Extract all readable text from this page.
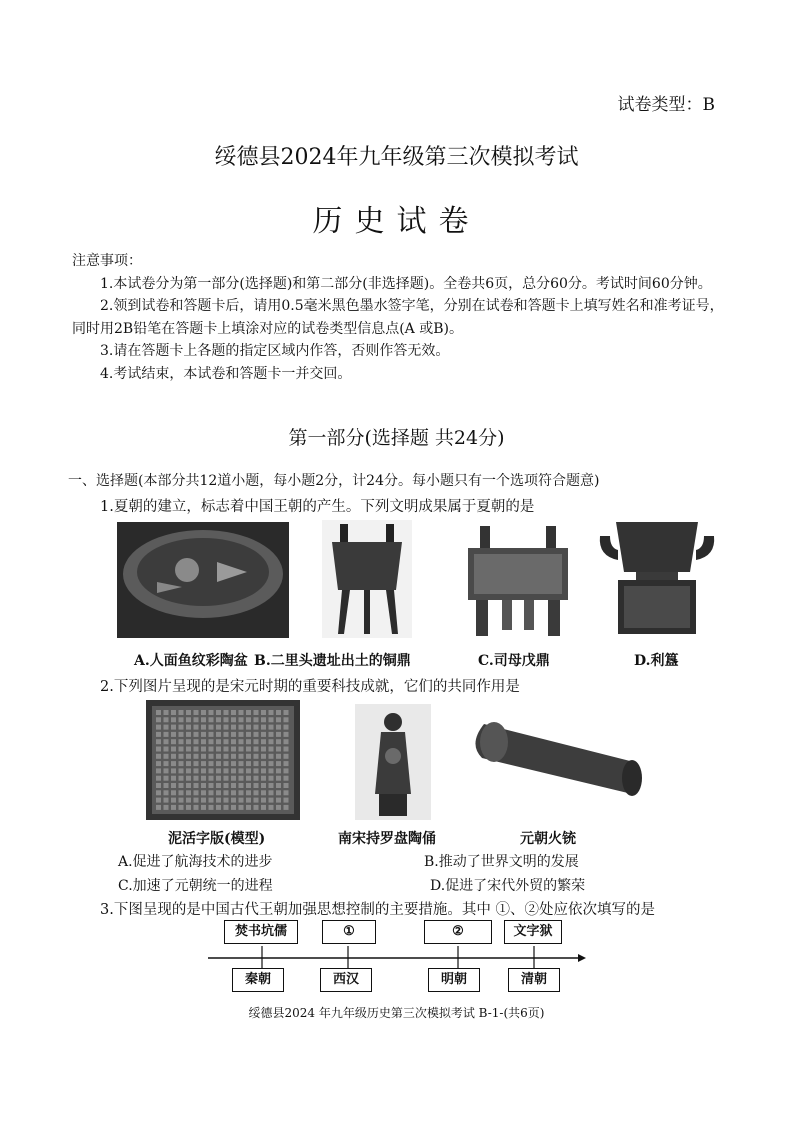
试卷类型：B
绥德县2024年九年级第三次模拟考试
历史试卷

注意事项：

1.本试卷分为第一部分(选择题)和第二部分(非选择题)。全卷共6页，总分60分。考试时间60分钟。

2.领到试卷和答题卡后，请用0.5毫米黑色墨水签字笔，分别在试卷和答题卡上填写姓名和准考证号，同时用2B铅笔在答题卡上填涂对应的试卷类型信息点(A 或B)。

3.请在答题卡上各题的指定区域内作答，否则作答无效。

4.考试结束，本试卷和答题卡一并交回。

第一部分(选择题 共24分)
一、选择题(本部分共12道小题，每小题2分，计24分。每小题只有一个选项符合题意)
1.夏朝的建立，标志着中国王朝的产生。下列文明成果属于夏朝的是
A.人面鱼纹彩陶盆 B.二里头遗址出土的铜鼎	C.司母戊鼎	D.利簋
2.下列图片呈现的是宋元时期的重要科技成就，它们的共同作用是
泥活字版(模型)	南宋持罗盘陶俑	元朝火铳
A.促进了航海技术的进步	B.推动了世界文明的发展
C.加速了元朝统一的进程	D.促进了宋代外贸的繁荣
3.下图呈现的是中国古代王朝加强思想控制的主要措施。其中 ①、②处应依次填写的是
焚书坑儒	①	②	文字狱
秦朝	西汉	明朝	清朝
绥德县2024 年九年级历史第三次模拟考试 B-1-(共6页)
